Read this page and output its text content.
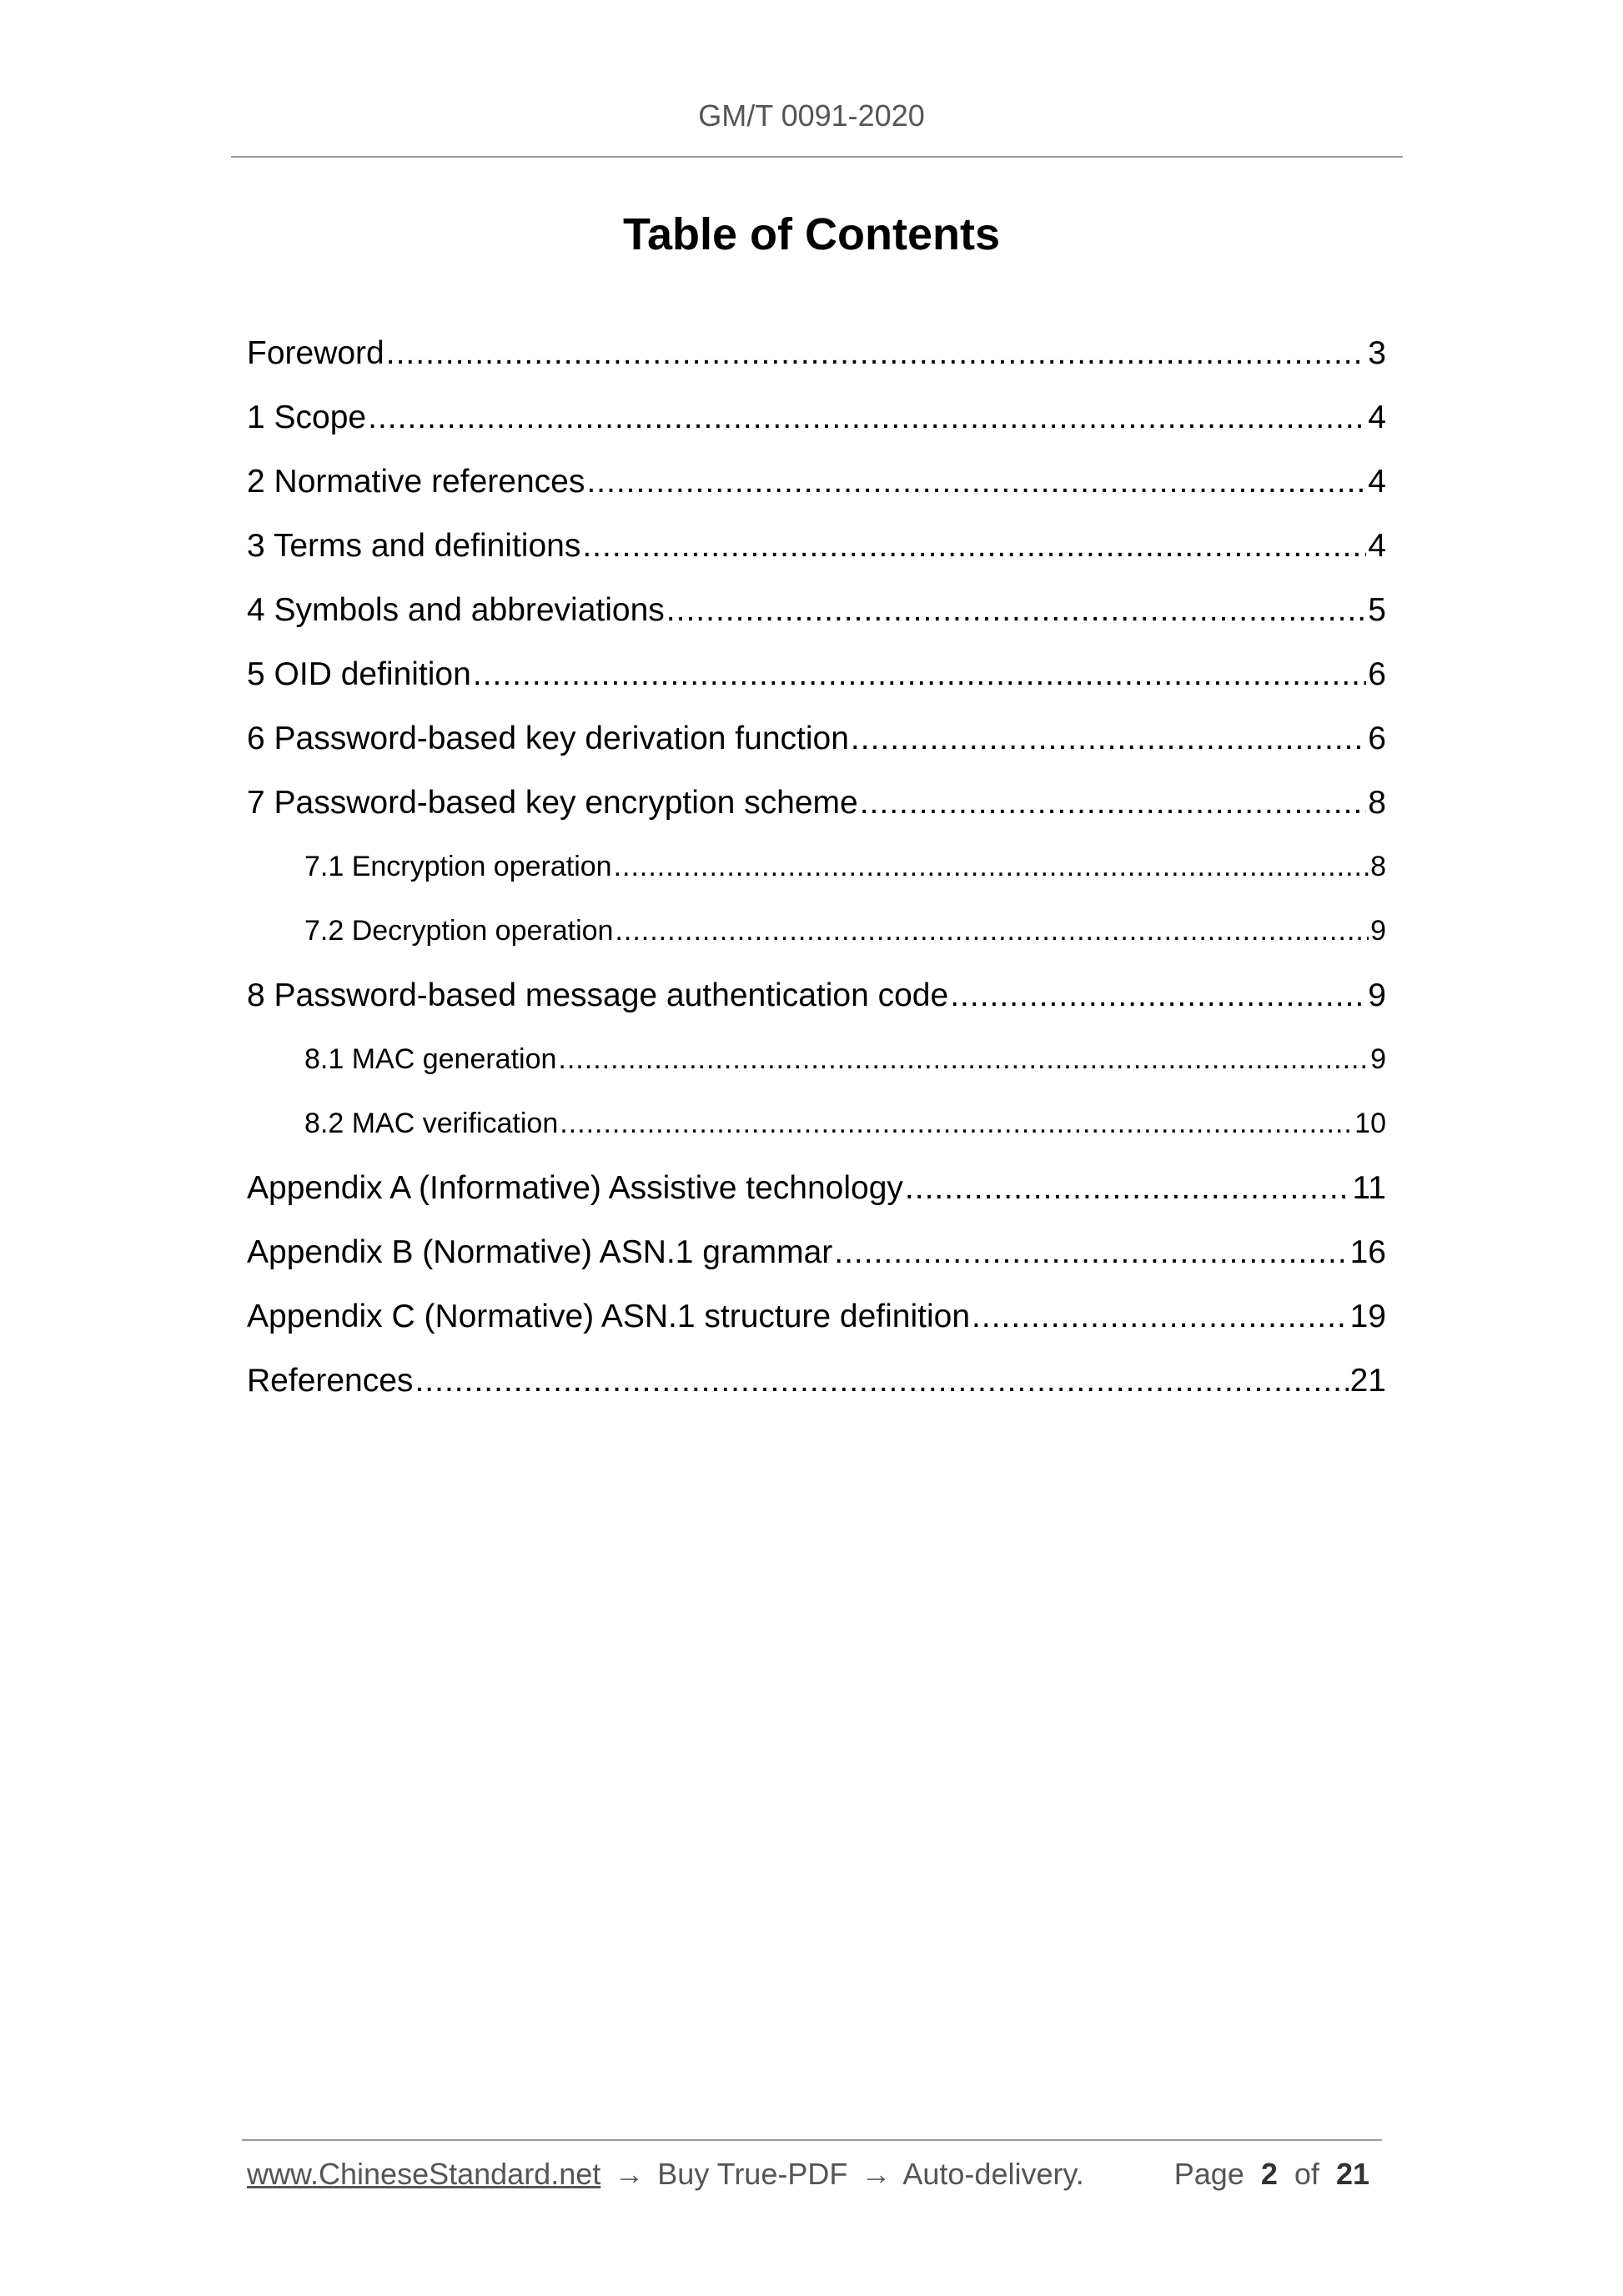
GM/T 0091-2020
Table of Contents
Foreword .....	3
1 Scope .....	4
2 Normative references .....	4
3 Terms and definitions .....	4
4 Symbols and abbreviations .....	5
5 OID definition .....	6
6 Password-based key derivation function .....	6
7 Password-based key encryption scheme .....	8
7.1 Encryption operation .....	8
7.2 Decryption operation .....	9
8 Password-based message authentication code .....	9
8.1 MAC generation .....	9
8.2 MAC verification .....	10
Appendix A (Informative) Assistive technology .....	11
Appendix B (Normative) ASN.1 grammar .....	16
Appendix C (Normative) ASN.1 structure definition .....	19
References .....	21
www.ChineseStandard.net → Buy True-PDF → Auto-delivery.	Page 2 of 21
